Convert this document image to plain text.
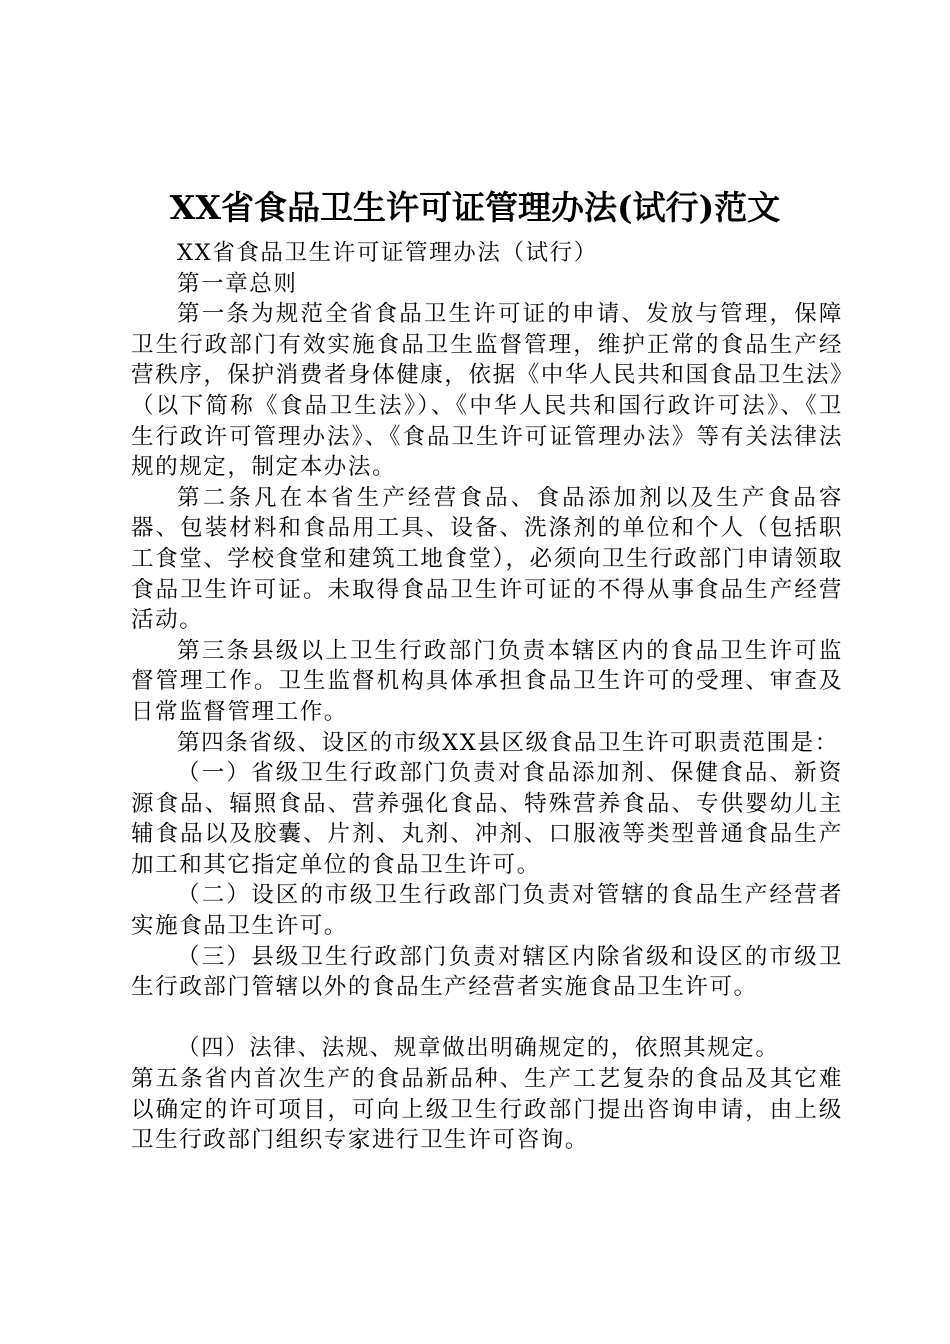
XX省食品卫生许可证管理办法(试行)范文

XX省食品卫生许可证管理办法（试行）

第一章总则

第一条为规范全省食品卫生许可证的申请、发放与管理，保障卫生行政部门有效实施食品卫生监督管理，维护正常的食品生产经营秩序，保护消费者身体健康，依据《中华人民共和国食品卫生法》（以下简称《食品卫生法》）、《中华人民共和国行政许可法》、《卫生行政许可管理办法》、《食品卫生许可证管理办法》等有关法律法规的规定，制定本办法。

第二条凡在本省生产经营食品、食品添加剂以及生产食品容器、包装材料和食品用工具、设备、洗涤剂的单位和个人（包括职工食堂、学校食堂和建筑工地食堂），必须向卫生行政部门申请领取食品卫生许可证。未取得食品卫生许可证的不得从事食品生产经营活动。

第三条县级以上卫生行政部门负责本辖区内的食品卫生许可监督管理工作。卫生监督机构具体承担食品卫生许可的受理、审查及日常监督管理工作。

第四条省级、设区的市级XX县区级食品卫生许可职责范围是：

（一）省级卫生行政部门负责对食品添加剂、保健食品、新资源食品、辐照食品、营养强化食品、特殊营养食品、专供婴幼儿主辅食品以及胶囊、片剂、丸剂、冲剂、口服液等类型普通食品生产加工和其它指定单位的食品卫生许可。

（二）设区的市级卫生行政部门负责对管辖的食品生产经营者实施食品卫生许可。

（三）县级卫生行政部门负责对辖区内除省级和设区的市级卫生行政部门管辖以外的食品生产经营者实施食品卫生许可。

（四）法律、法规、规章做出明确规定的，依照其规定。

第五条省内首次生产的食品新品种、生产工艺复杂的食品及其它难以确定的许可项目，可向上级卫生行政部门提出咨询申请，由上级卫生行政部门组织专家进行卫生许可咨询。
